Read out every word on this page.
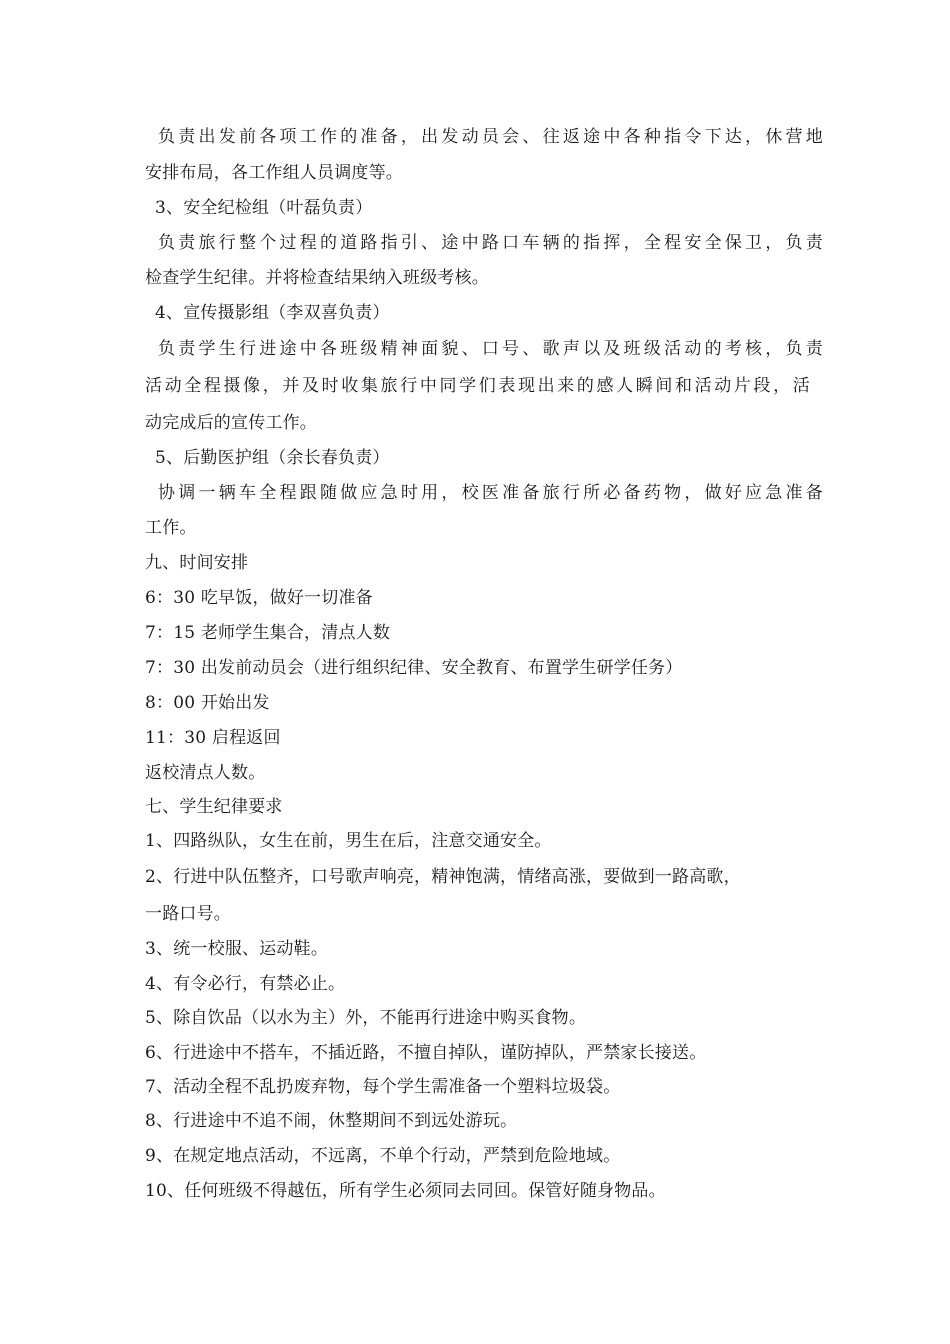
负责出发前各项工作的准备，出发动员会、往返途中各种指令下达，休营地
安排布局，各工作组人员调度等。
3、安全纪检组（叶磊负责）
负责旅行整个过程的道路指引、途中路口车辆的指挥，全程安全保卫，负责
检查学生纪律。并将检查结果纳入班级考核。
4、宣传摄影组（李双喜负责）
负责学生行进途中各班级精神面貌、口号、歌声以及班级活动的考核，负责
活动全程摄像，并及时收集旅行中同学们表现出来的感人瞬间和活动片段，活
动完成后的宣传工作。
5、后勤医护组（余长春负责）
协调一辆车全程跟随做应急时用，校医准备旅行所必备药物，做好应急准备
工作。
九、时间安排
6：30 吃早饭，做好一切准备
7：15 老师学生集合，清点人数
7：30 出发前动员会（进行组织纪律、安全教育、布置学生研学任务）
8：00 开始出发
11：30 启程返回
返校清点人数。
七、学生纪律要求
1、四路纵队，女生在前，男生在后，注意交通安全。
2、行进中队伍整齐，口号歌声响亮，精神饱满，情绪高涨，要做到一路高歌，
一路口号。
3、统一校服、运动鞋。
4、有令必行，有禁必止。
5、除自饮品（以水为主）外，不能再行进途中购买食物。
6、行进途中不搭车，不插近路，不擅自掉队，谨防掉队，严禁家长接送。
7、活动全程不乱扔废弃物，每个学生需准备一个塑料垃圾袋。
8、行进途中不追不闹，休整期间不到远处游玩。
9、在规定地点活动，不远离，不单个行动，严禁到危险地域。
10、任何班级不得越伍，所有学生必须同去同回。保管好随身物品。
